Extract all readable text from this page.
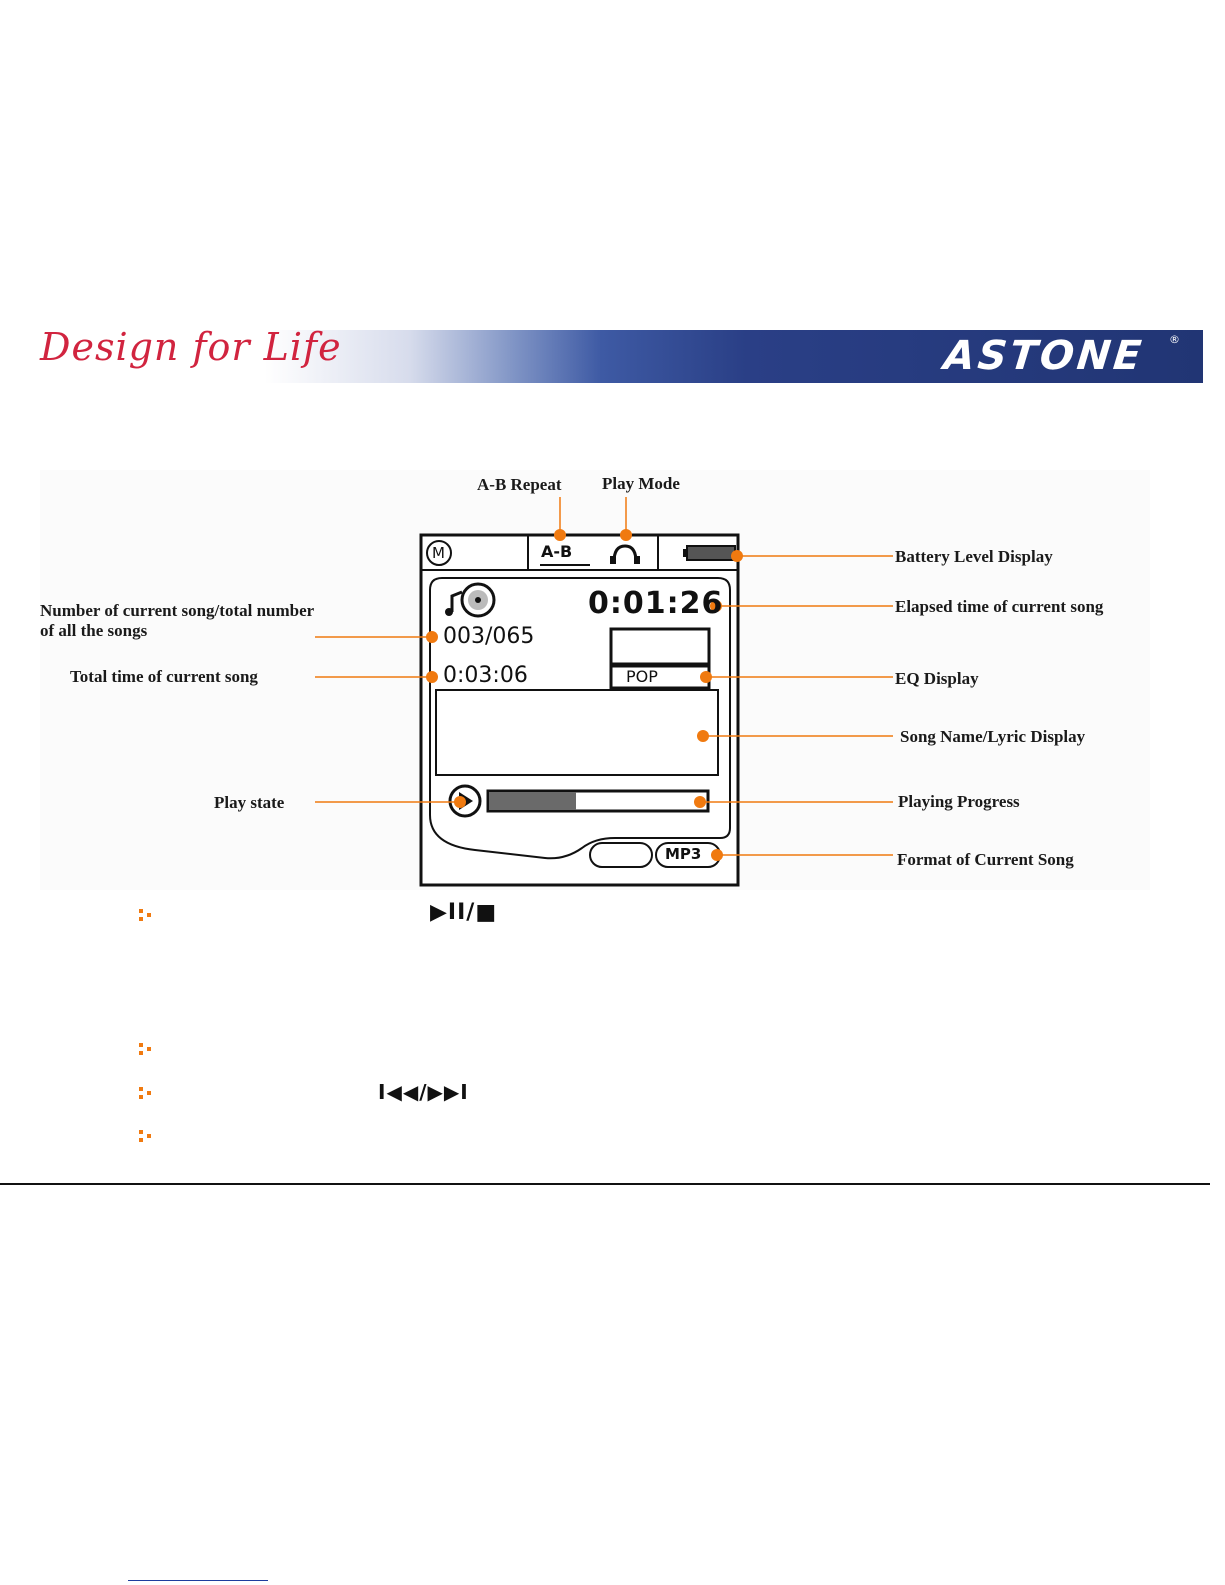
Design for Life	ASTONE ®
M	A-B
0:01:26
003/065
0:03:06	POP
MP3
A-B Repeat Play Mode
Battery Level Display
Elapsed time of current song
Number of current song/total number of all the songs
Total time of current song	EQ Display
Song Name/Lyric Display
Play state	Playing Progress
Format of Current Song
▶II/■
I◀◀/▶▶I
